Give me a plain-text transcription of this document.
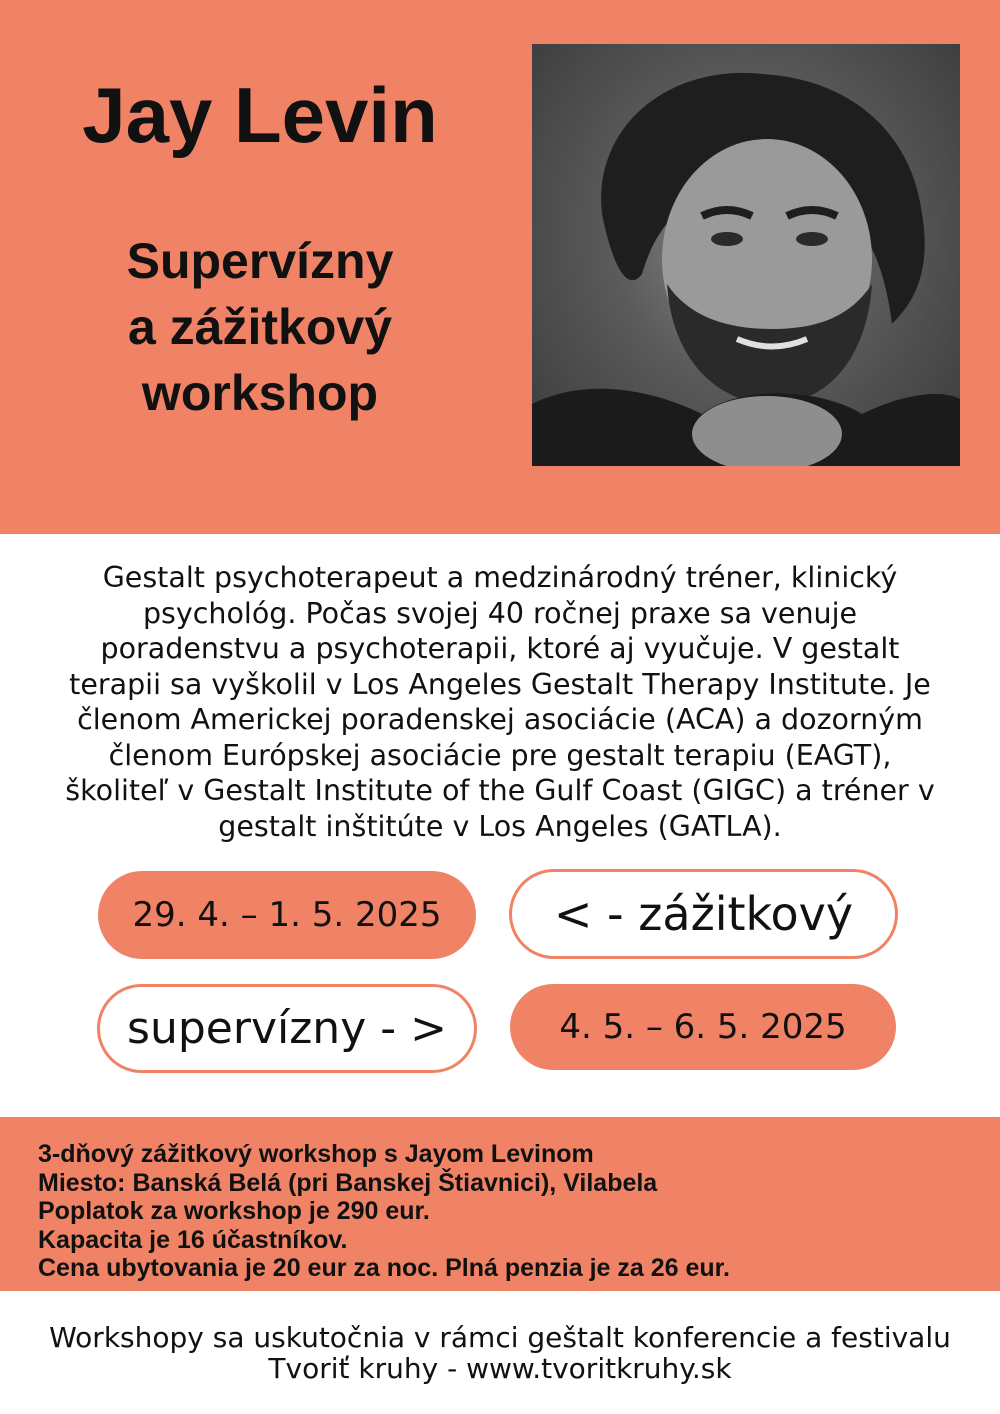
Jay Levin
Supervízny
a zážitkový
workshop
Gestalt psychoterapeut a medzinárodný tréner, klinický
psychológ. Počas svojej 40 ročnej praxe sa venuje
poradenstvu a psychoterapii, ktoré aj vyučuje. V gestalt
terapii sa vyškolil v Los Angeles Gestalt Therapy Institute. Je
členom Americkej poradenskej asociácie (ACA) a dozorným
členom Európskej asociácie pre gestalt terapiu (EAGT),
školiteľ v Gestalt Institute of the Gulf Coast (GIGC) a tréner v
gestalt inštitúte v Los Angeles (GATLA).
29. 4. – 1. 5. 2025	< - zážitkový
supervízny - >	4. 5. – 6. 5. 2025
3-dňový zážitkový workshop s Jayom Levinom
Miesto: Banská Belá (pri Banskej Štiavnici), Vilabela
Poplatok za workshop je 290 eur.
Kapacita je 16 účastníkov.
Cena ubytovania je 20 eur za noc. Plná penzia je za 26 eur.
Workshopy sa uskutočnia v rámci geštalt konferencie a festivalu
Tvoriť kruhy - www.tvoritkruhy.sk
